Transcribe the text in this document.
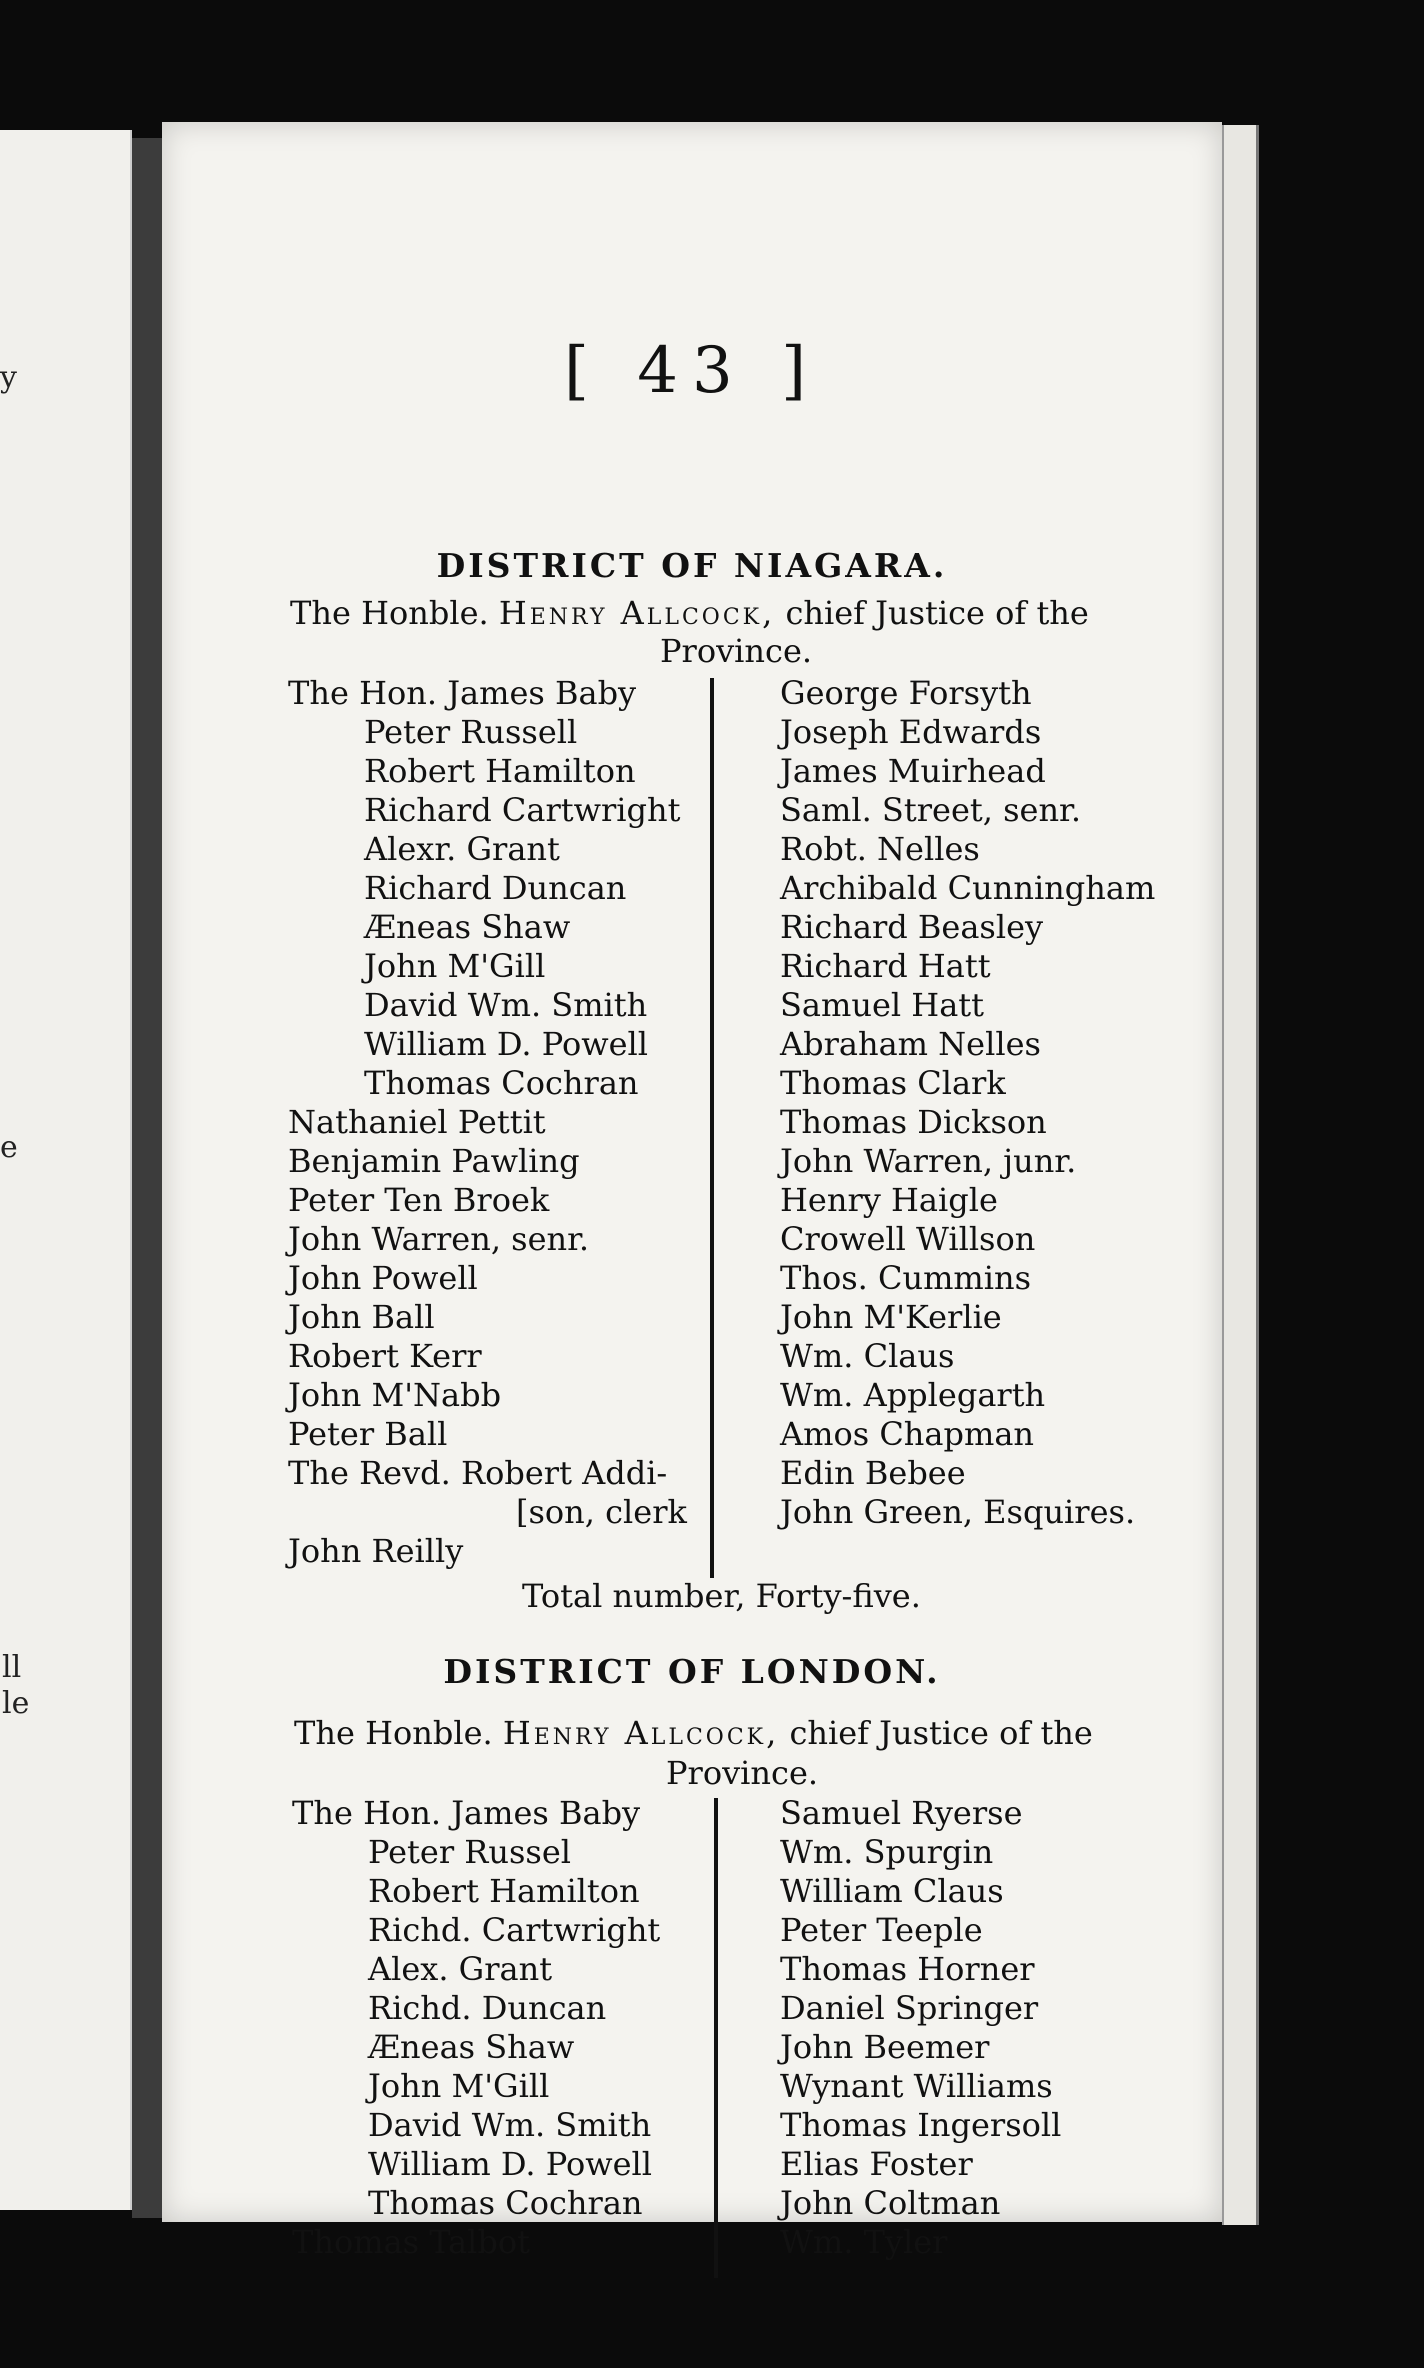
y
e
ll
le
[ 43 ]
DISTRICT OF NIAGARA.
The Honble. Henry Allcock, chief Justice of the
Province.
The Hon. James Baby
Peter Russell
Robert Hamilton
Richard Cartwright
Alexr. Grant
Richard Duncan
Æneas Shaw
John M'Gill
David Wm. Smith
William D. Powell
Thomas Cochran
Nathaniel Pettit
Benjamin Pawling
Peter Ten Broek
John Warren, senr.
John Powell
John Ball
Robert Kerr
John M'Nabb
Peter Ball
The Revd. Robert Addi-
[son, clerk
John Reilly
George Forsyth
Joseph Edwards
James Muirhead
Saml. Street, senr.
Robt. Nelles
Archibald Cunningham
Richard Beasley
Richard Hatt
Samuel Hatt
Abraham Nelles
Thomas Clark
Thomas Dickson
John Warren, junr.
Henry Haigle
Crowell Willson
Thos. Cummins
John M'Kerlie
Wm. Claus
Wm. Applegarth
Amos Chapman
Edin Bebee
John Green, Esquires.
Total number, Forty-five.
DISTRICT OF LONDON.
The Honble. Henry Allcock, chief Justice of the
Province.
The Hon. James Baby
Peter Russel
Robert Hamilton
Richd. Cartwright
Alex. Grant
Richd. Duncan
Æneas Shaw
John M'Gill
David Wm. Smith
William D. Powell
Thomas Cochran
Thomas Talbot
Samuel Ryerse
Wm. Spurgin
William Claus
Peter Teeple
Thomas Horner
Daniel Springer
John Beemer
Wynant Williams
Thomas Ingersoll
Elias Foster
John Coltman
Wm. Tyler
